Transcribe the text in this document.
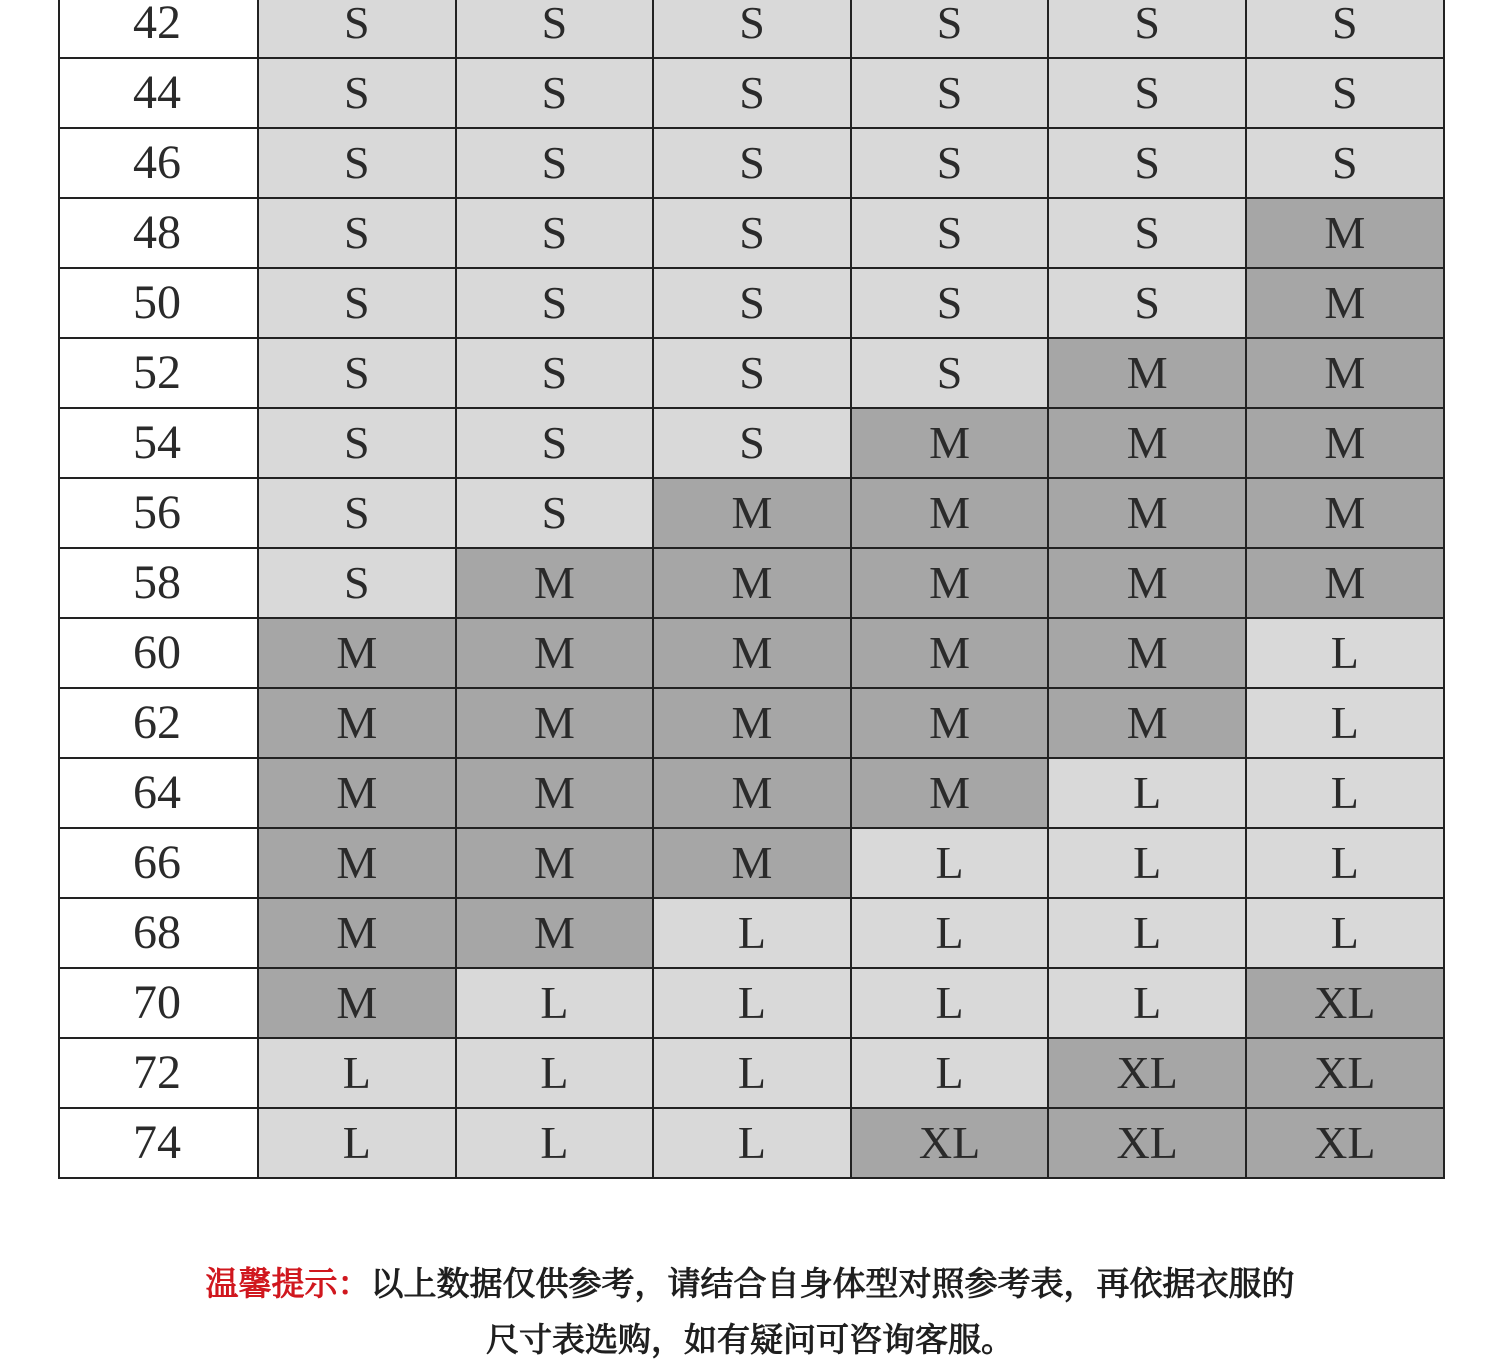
42	S	S	S	S	S	S
44	S	S	S	S	S	S
46	S	S	S	S	S	S
48	S	S	S	S	S	M
50	S	S	S	S	S	M
52	S	S	S	S	M	M
54	S	S	S	M	M	M
56	S	S	M	M	M	M
58	S	M	M	M	M	M
60	M	M	M	M	M	L
62	M	M	M	M	M	L
64	M	M	M	M	L	L
66	M	M	M	L	L	L
68	M	M	L	L	L	L
70	M	L	L	L	L	XL
72	L	L	L	L	XL	XL
74	L	L	L	XL	XL	XL
温馨提示：以上数据仅供参考，请结合自身体型对照参考表，再依据衣服的
尺寸表选购，如有疑问可咨询客服。
